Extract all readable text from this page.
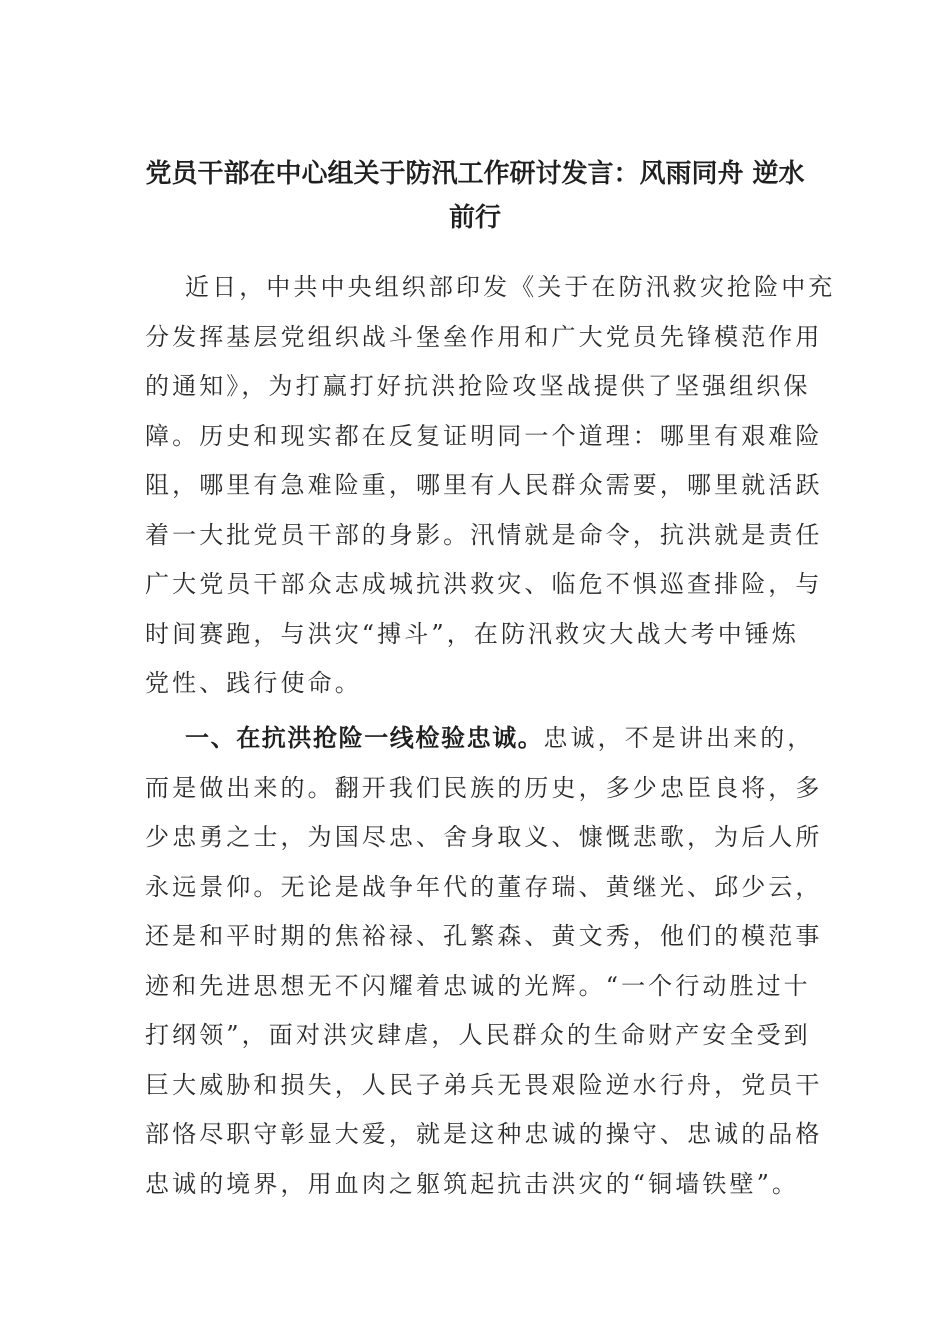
党员干部在中心组关于防汛工作研讨发言：风雨同舟 逆水
前行

近日，中共中央组织部印发《关于在防汛救灾抢险中充
分发挥基层党组织战斗堡垒作用和广大党员先锋模范作用
的通知》，为打赢打好抗洪抢险攻坚战提供了坚强组织保
障。历史和现实都在反复证明同一个道理：哪里有艰难险
阻，哪里有急难险重，哪里有人民群众需要，哪里就活跃
着一大批党员干部的身影。汛情就是命令，抗洪就是责任
广大党员干部众志成城抗洪救灾、临危不惧巡查排险，与
时间赛跑，与洪灾“搏斗”，在防汛救灾大战大考中锤炼
党性、践行使命。

一、在抗洪抢险一线检验忠诚。忠诚，不是讲出来的，
而是做出来的。翻开我们民族的历史，多少忠臣良将，多
少忠勇之士，为国尽忠、舍身取义、慷慨悲歌，为后人所
永远景仰。无论是战争年代的董存瑞、黄继光、邱少云，
还是和平时期的焦裕禄、孔繁森、黄文秀，他们的模范事
迹和先进思想无不闪耀着忠诚的光辉。“一个行动胜过十
打纲领”，面对洪灾肆虐，人民群众的生命财产安全受到
巨大威胁和损失，人民子弟兵无畏艰险逆水行舟，党员干
部恪尽职守彰显大爱，就是这种忠诚的操守、忠诚的品格
忠诚的境界，用血肉之躯筑起抗击洪灾的“铜墙铁壁”。
